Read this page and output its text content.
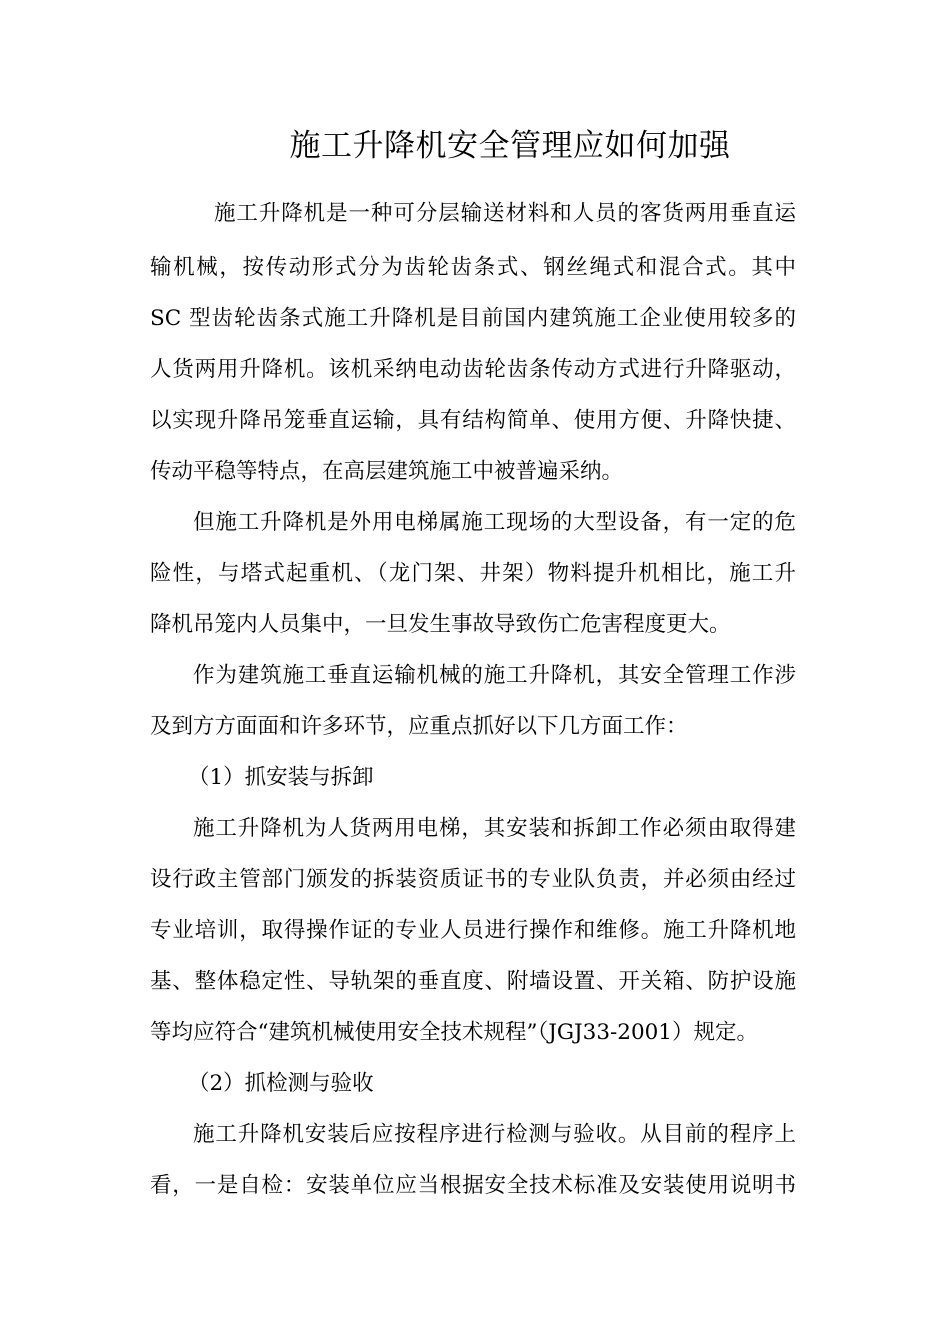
施工升降机安全管理应如何加强
施工升降机是一种可分层输送材料和人员的客货两用垂直运
输机械，按传动形式分为齿轮齿条式、钢丝绳式和混合式。其中
SC 型齿轮齿条式施工升降机是目前国内建筑施工企业使用较多的
人货两用升降机。该机采纳电动齿轮齿条传动方式进行升降驱动，
以实现升降吊笼垂直运输，具有结构简单、使用方便、升降快捷、
传动平稳等特点，在高层建筑施工中被普遍采纳。
但施工升降机是外用电梯属施工现场的大型设备，有一定的危
险性，与塔式起重机、（龙门架、井架）物料提升机相比，施工升
降机吊笼内人员集中，一旦发生事故导致伤亡危害程度更大。
作为建筑施工垂直运输机械的施工升降机，其安全管理工作涉
及到方方面面和许多环节，应重点抓好以下几方面工作：
（1）抓安装与拆卸
施工升降机为人货两用电梯，其安装和拆卸工作必须由取得建
设行政主管部门颁发的拆装资质证书的专业队负责，并必须由经过
专业培训，取得操作证的专业人员进行操作和维修。施工升降机地
基、整体稳定性、导轨架的垂直度、附墙设置、开关箱、防护设施
等均应符合“建筑机械使用安全技术规程”（JGJ33-2001）规定。
（2）抓检测与验收
施工升降机安装后应按程序进行检测与验收。从目前的程序上
看，一是自检：安装单位应当根据安全技术标准及安装使用说明书
